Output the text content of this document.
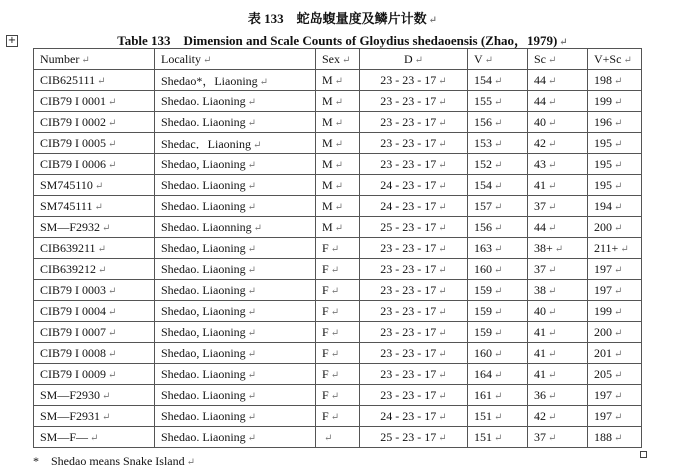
表 133　蛇岛蝮量度及鳞片计数 ↵
+	Table 133　Dimension and Scale Counts of Gloydius shedaoensis (Zhao，1979) ↵
Number ↵	Locality ↵	Sex ↵	D ↵	V ↵	Sc ↵	V+Sc ↵
CIB625111 ↵	Shedao*，Liaoning ↵	M ↵	23 - 23 - 17 ↵	154 ↵	44 ↵	198 ↵
CIB79 I 0001 ↵	Shedao. Liaoning ↵	M ↵	23 - 23 - 17 ↵	155 ↵	44 ↵	199 ↵
CIB79 I 0002 ↵	Shedao. Liaoning ↵	M ↵	23 - 23 - 17 ↵	156 ↵	40 ↵	196 ↵
CIB79 I 0005 ↵	Shedac．Liaoning ↵	M ↵	23 - 23 - 17 ↵	153 ↵	42 ↵	195 ↵
CIB79 I 0006 ↵	Shedao, Liaoning ↵	M ↵	23 - 23 - 17 ↵	152 ↵	43 ↵	195 ↵
SM745110 ↵	Shedao. Liaoning ↵	M ↵	24 - 23 - 17 ↵	154 ↵	41 ↵	195 ↵
SM745111 ↵	Shedao. Liaoning ↵	M ↵	24 - 23 - 17 ↵	157 ↵	37 ↵	194 ↵
SM—F2932 ↵	Shedao. Liaonning ↵	M ↵	25 - 23 - 17 ↵	156 ↵	44 ↵	200 ↵
CIB639211 ↵	Shedao, Liaoning ↵	F ↵	23 - 23 - 17 ↵	163 ↵	38+ ↵	211+ ↵
CIB639212 ↵	Shedao. Liaoning ↵	F ↵	23 - 23 - 17 ↵	160 ↵	37 ↵	197 ↵
CIB79 I 0003 ↵	Shedao. Liaoning ↵	F ↵	23 - 23 - 17 ↵	159 ↵	38 ↵	197 ↵
CIB79 I 0004 ↵	Shedao, Liaoning ↵	F ↵	23 - 23 - 17 ↵	159 ↵	40 ↵	199 ↵
CIB79 I 0007 ↵	Shedao, Liaoning ↵	F ↵	23 - 23 - 17 ↵	159 ↵	41 ↵	200 ↵
CIB79 I 0008 ↵	Shedao, Liaoning ↵	F ↵	23 - 23 - 17 ↵	160 ↵	41 ↵	201 ↵
CIB79 I 0009 ↵	Shedao. Liaoning ↵	F ↵	23 - 23 - 17 ↵	164 ↵	41 ↵	205 ↵
SM—F2930 ↵	Shedao. Liaoning ↵	F ↵	23 - 23 - 17 ↵	161 ↵	36 ↵	197 ↵
SM—F2931 ↵	Shedao. Liaoning ↵	F ↵	24 - 23 - 17 ↵	151 ↵	42 ↵	197 ↵
SM—F— ↵	Shedao. Liaoning ↵	↵	25 - 23 - 17 ↵	151 ↵	37 ↵	188 ↵
*　Shedao means Snake Island ↵
